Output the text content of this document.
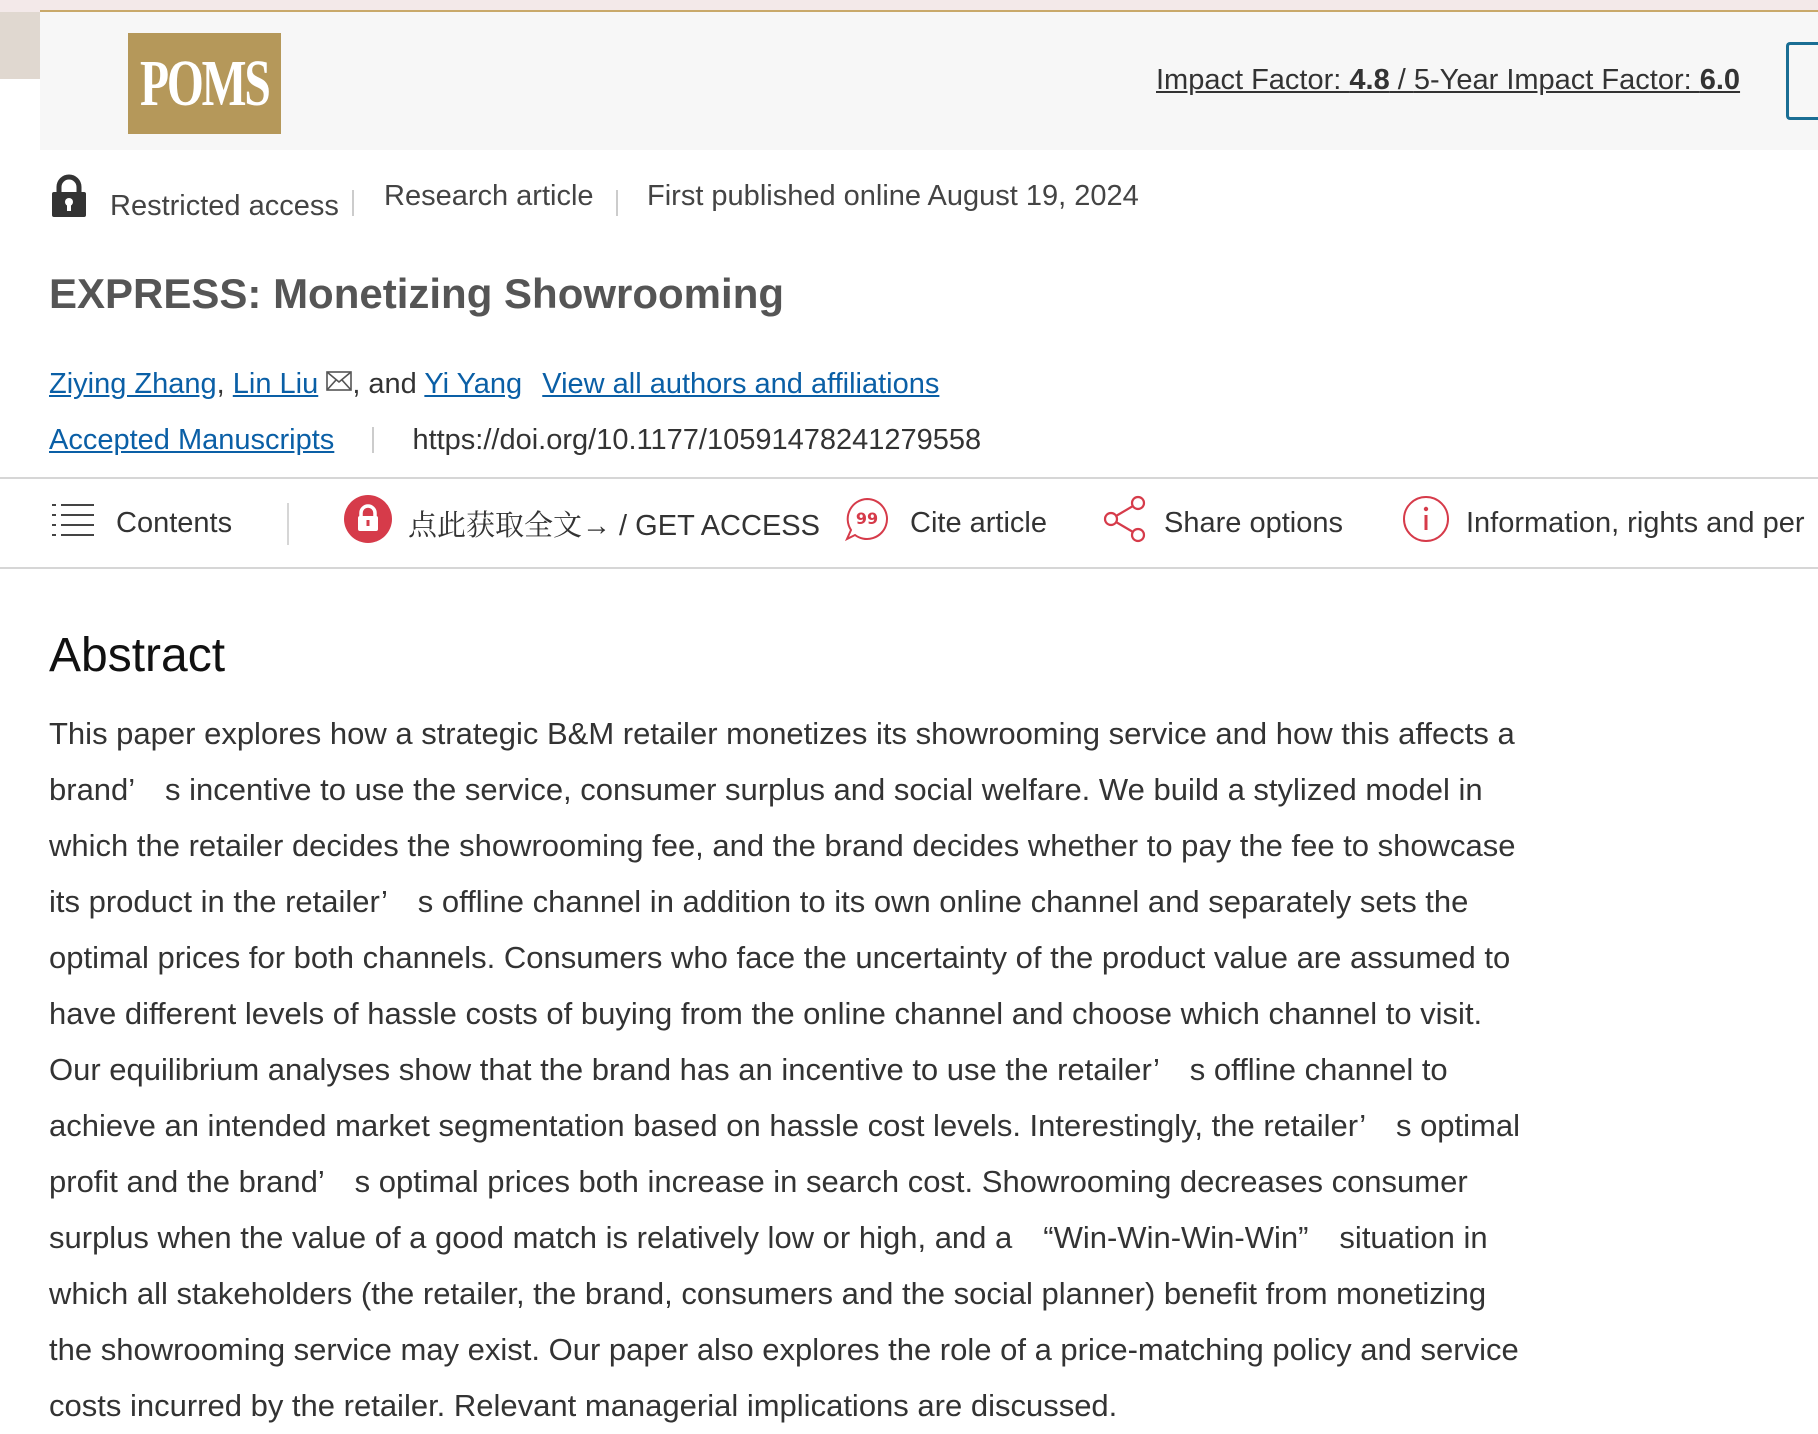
POMS	Impact Factor: 4.8 / 5-Year Impact Factor: 6.0
Restricted access Research article First published online August 19, 2024
EXPRESS: Monetizing Showrooming
Ziying Zhang, Lin Liu , and Yi Yang View all authors and affiliations
Accepted Manuscripts	https://doi.org/10.1177/10591478241279558
Contents	点此获取全文→ / GET ACCESS 99 Cite article	Share options	Information, rights and per
Abstract

This paper explores how a strategic B&M retailer monetizes its showrooming service and how this affects a

brand’　s incentive to use the service, consumer surplus and social welfare. We build a stylized model in

which the retailer decides the showrooming fee, and the brand decides whether to pay the fee to showcase

its product in the retailer’　s offline channel in addition to its own online channel and separately sets the

optimal prices for both channels. Consumers who face the uncertainty of the product value are assumed to

have different levels of hassle costs of buying from the online channel and choose which channel to visit.

Our equilibrium analyses show that the brand has an incentive to use the retailer’　s offline channel to

achieve an intended market segmentation based on hassle cost levels. Interestingly, the retailer’　s optimal

profit and the brand’　s optimal prices both increase in search cost. Showrooming decreases consumer

surplus when the value of a good match is relatively low or high, and a　“Win-Win-Win-Win”　situation in

which all stakeholders (the retailer, the brand, consumers and the social planner) benefit from monetizing

the showrooming service may exist. Our paper also explores the role of a price-matching policy and service

costs incurred by the retailer. Relevant managerial implications are discussed.
